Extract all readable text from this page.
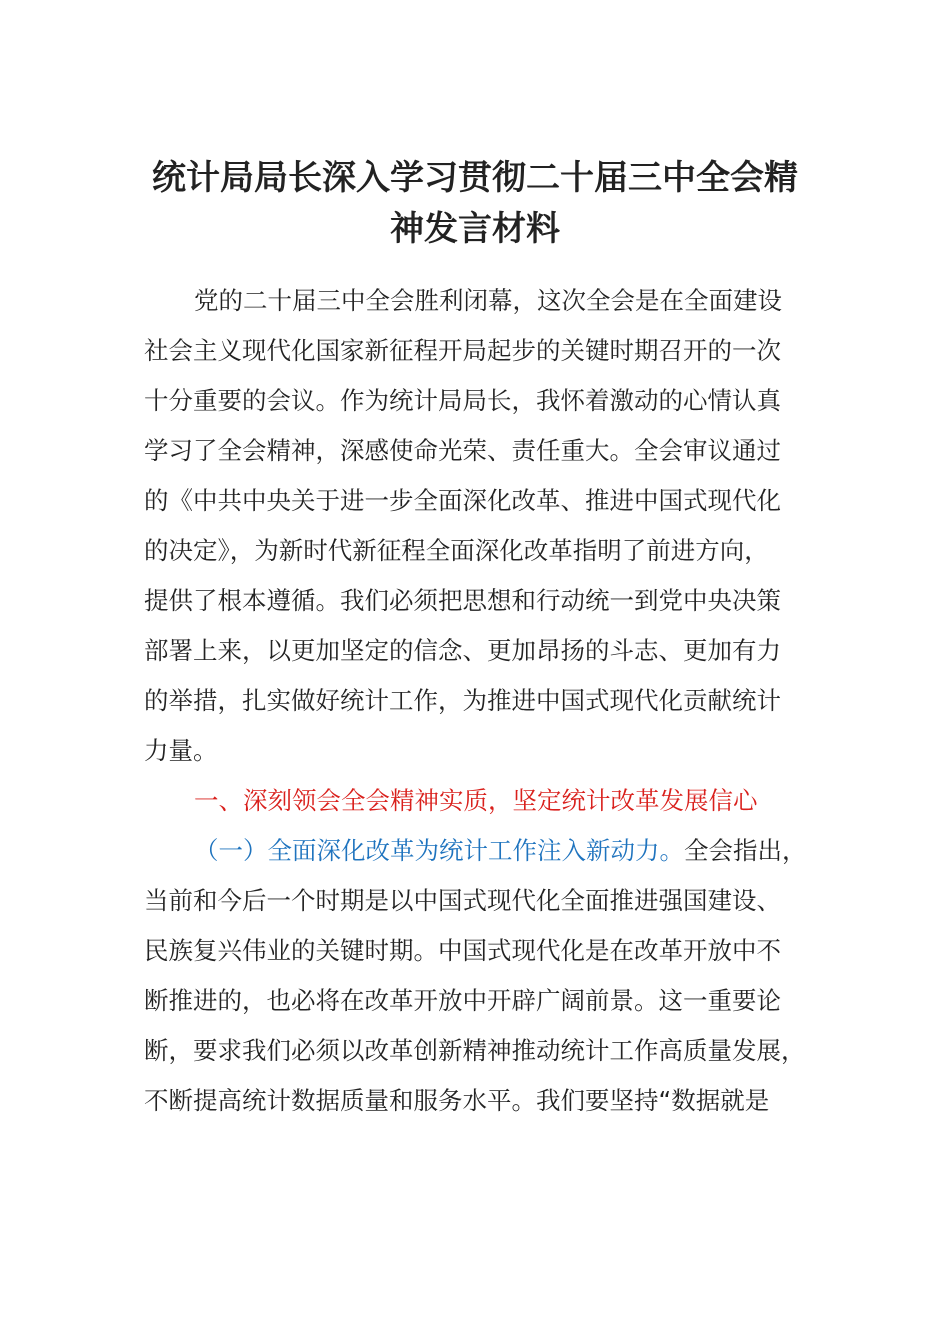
统计局局长深入学习贯彻二十届三中全会精
神发言材料
党的二十届三中全会胜利闭幕，这次全会是在全面建设
社会主义现代化国家新征程开局起步的关键时期召开的一次
十分重要的会议。作为统计局局长，我怀着激动的心情认真
学习了全会精神，深感使命光荣、责任重大。全会审议通过
的《中共中央关于进一步全面深化改革、推进中国式现代化
的决定》，为新时代新征程全面深化改革指明了前进方向，
提供了根本遵循。我们必须把思想和行动统一到党中央决策
部署上来，以更加坚定的信念、更加昂扬的斗志、更加有力
的举措，扎实做好统计工作，为推进中国式现代化贡献统计
力量。
一、深刻领会全会精神实质，坚定统计改革发展信心
（一）全面深化改革为统计工作注入新动力。全会指出，
当前和今后一个时期是以中国式现代化全面推进强国建设、
民族复兴伟业的关键时期。中国式现代化是在改革开放中不
断推进的，也必将在改革开放中开辟广阔前景。这一重要论
断，要求我们必须以改革创新精神推动统计工作高质量发展，
不断提高统计数据质量和服务水平。我们要坚持“数据就是
